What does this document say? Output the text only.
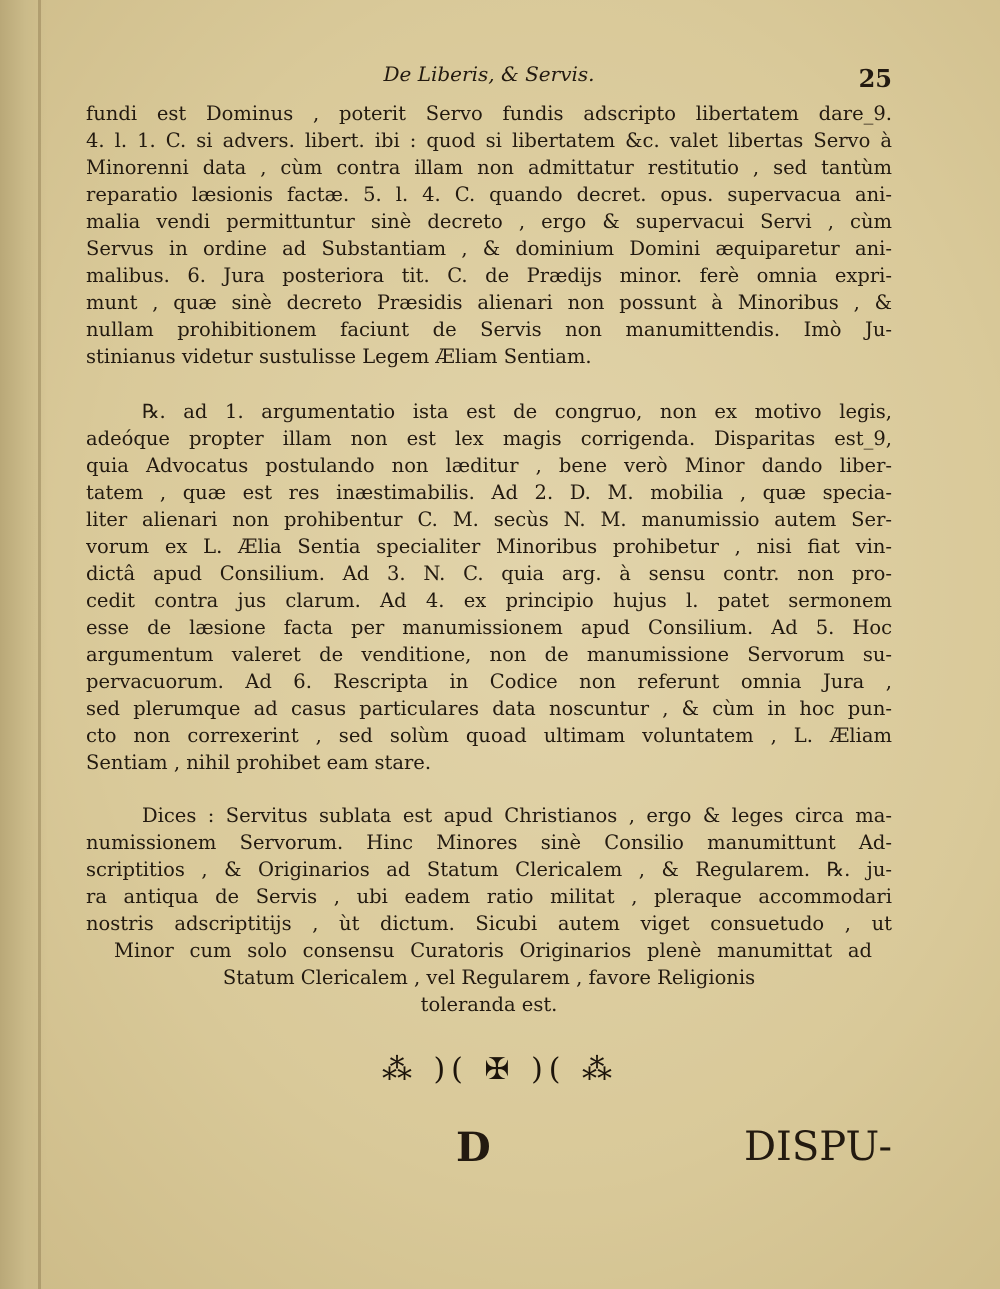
De Liberis, & Servis.	25
fundi est Dominus , poterit Servo fundis adscripto libertatem dare_9.
4. l. 1. C. si advers. libert. ibi : quod si libertatem &c. valet libertas Servo à
Minorenni data , cùm contra illam non admittatur restitutio , sed tantùm
reparatio læsionis factæ. 5. l. 4. C. quando decret. opus. supervacua ani-
malia vendi permittuntur sinè decreto , ergo & supervacui Servi , cùm
Servus in ordine ad Substantiam , & dominium Domini æquiparetur ani-
malibus. 6. Jura posteriora tit. C. de Prædijs minor. ferè omnia expri-
munt , quæ sinè decreto Præsidis alienari non possunt à Minoribus , &
nullam prohibitionem faciunt de Servis non manumittendis. Imò Ju-
stinianus videtur sustulisse Legem Æliam Sentiam.
℞. ad 1. argumentatio ista est de congruo, non ex motivo legis,
adeóque propter illam non est lex magis corrigenda. Disparitas est_9,
quia Advocatus postulando non læditur , bene verò Minor dando liber-
tatem , quæ est res inæstimabilis. Ad 2. D. M. mobilia , quæ specia-
liter alienari non prohibentur C. M. secùs N. M. manumissio autem Ser-
vorum ex L. Ælia Sentia specialiter Minoribus prohibetur , nisi fiat vin-
dictâ apud Consilium. Ad 3. N. C. quia arg. à sensu contr. non pro-
cedit contra jus clarum. Ad 4. ex principio hujus l. patet sermonem
esse de læsione facta per manumissionem apud Consilium. Ad 5. Hoc
argumentum valeret de venditione, non de manumissione Servorum su-
pervacuorum. Ad 6. Rescripta in Codice non referunt omnia Jura ,
sed plerumque ad casus particulares data noscuntur , & cùm in hoc pun-
cto non correxerint , sed solùm quoad ultimam voluntatem , L. Æliam
Sentiam , nihil prohibet eam stare.
Dices : Servitus sublata est apud Christianos , ergo & leges circa ma-
numissionem Servorum. Hinc Minores sinè Consilio manumittunt Ad-
scriptitios , & Originarios ad Statum Clericalem , & Regularem. ℞. ju-
ra antiqua de Servis , ubi eadem ratio militat , pleraque accommodari
nostris adscriptitijs , ùt dictum. Sicubi autem viget consuetudo , ut
Minor cum solo consensu Curatoris Originarios plenè manumittat ad
Statum Clericalem , vel Regularem , favore Religionis
toleranda est.
⁂ )( ✠ )( ⁂
D	DISPU-
